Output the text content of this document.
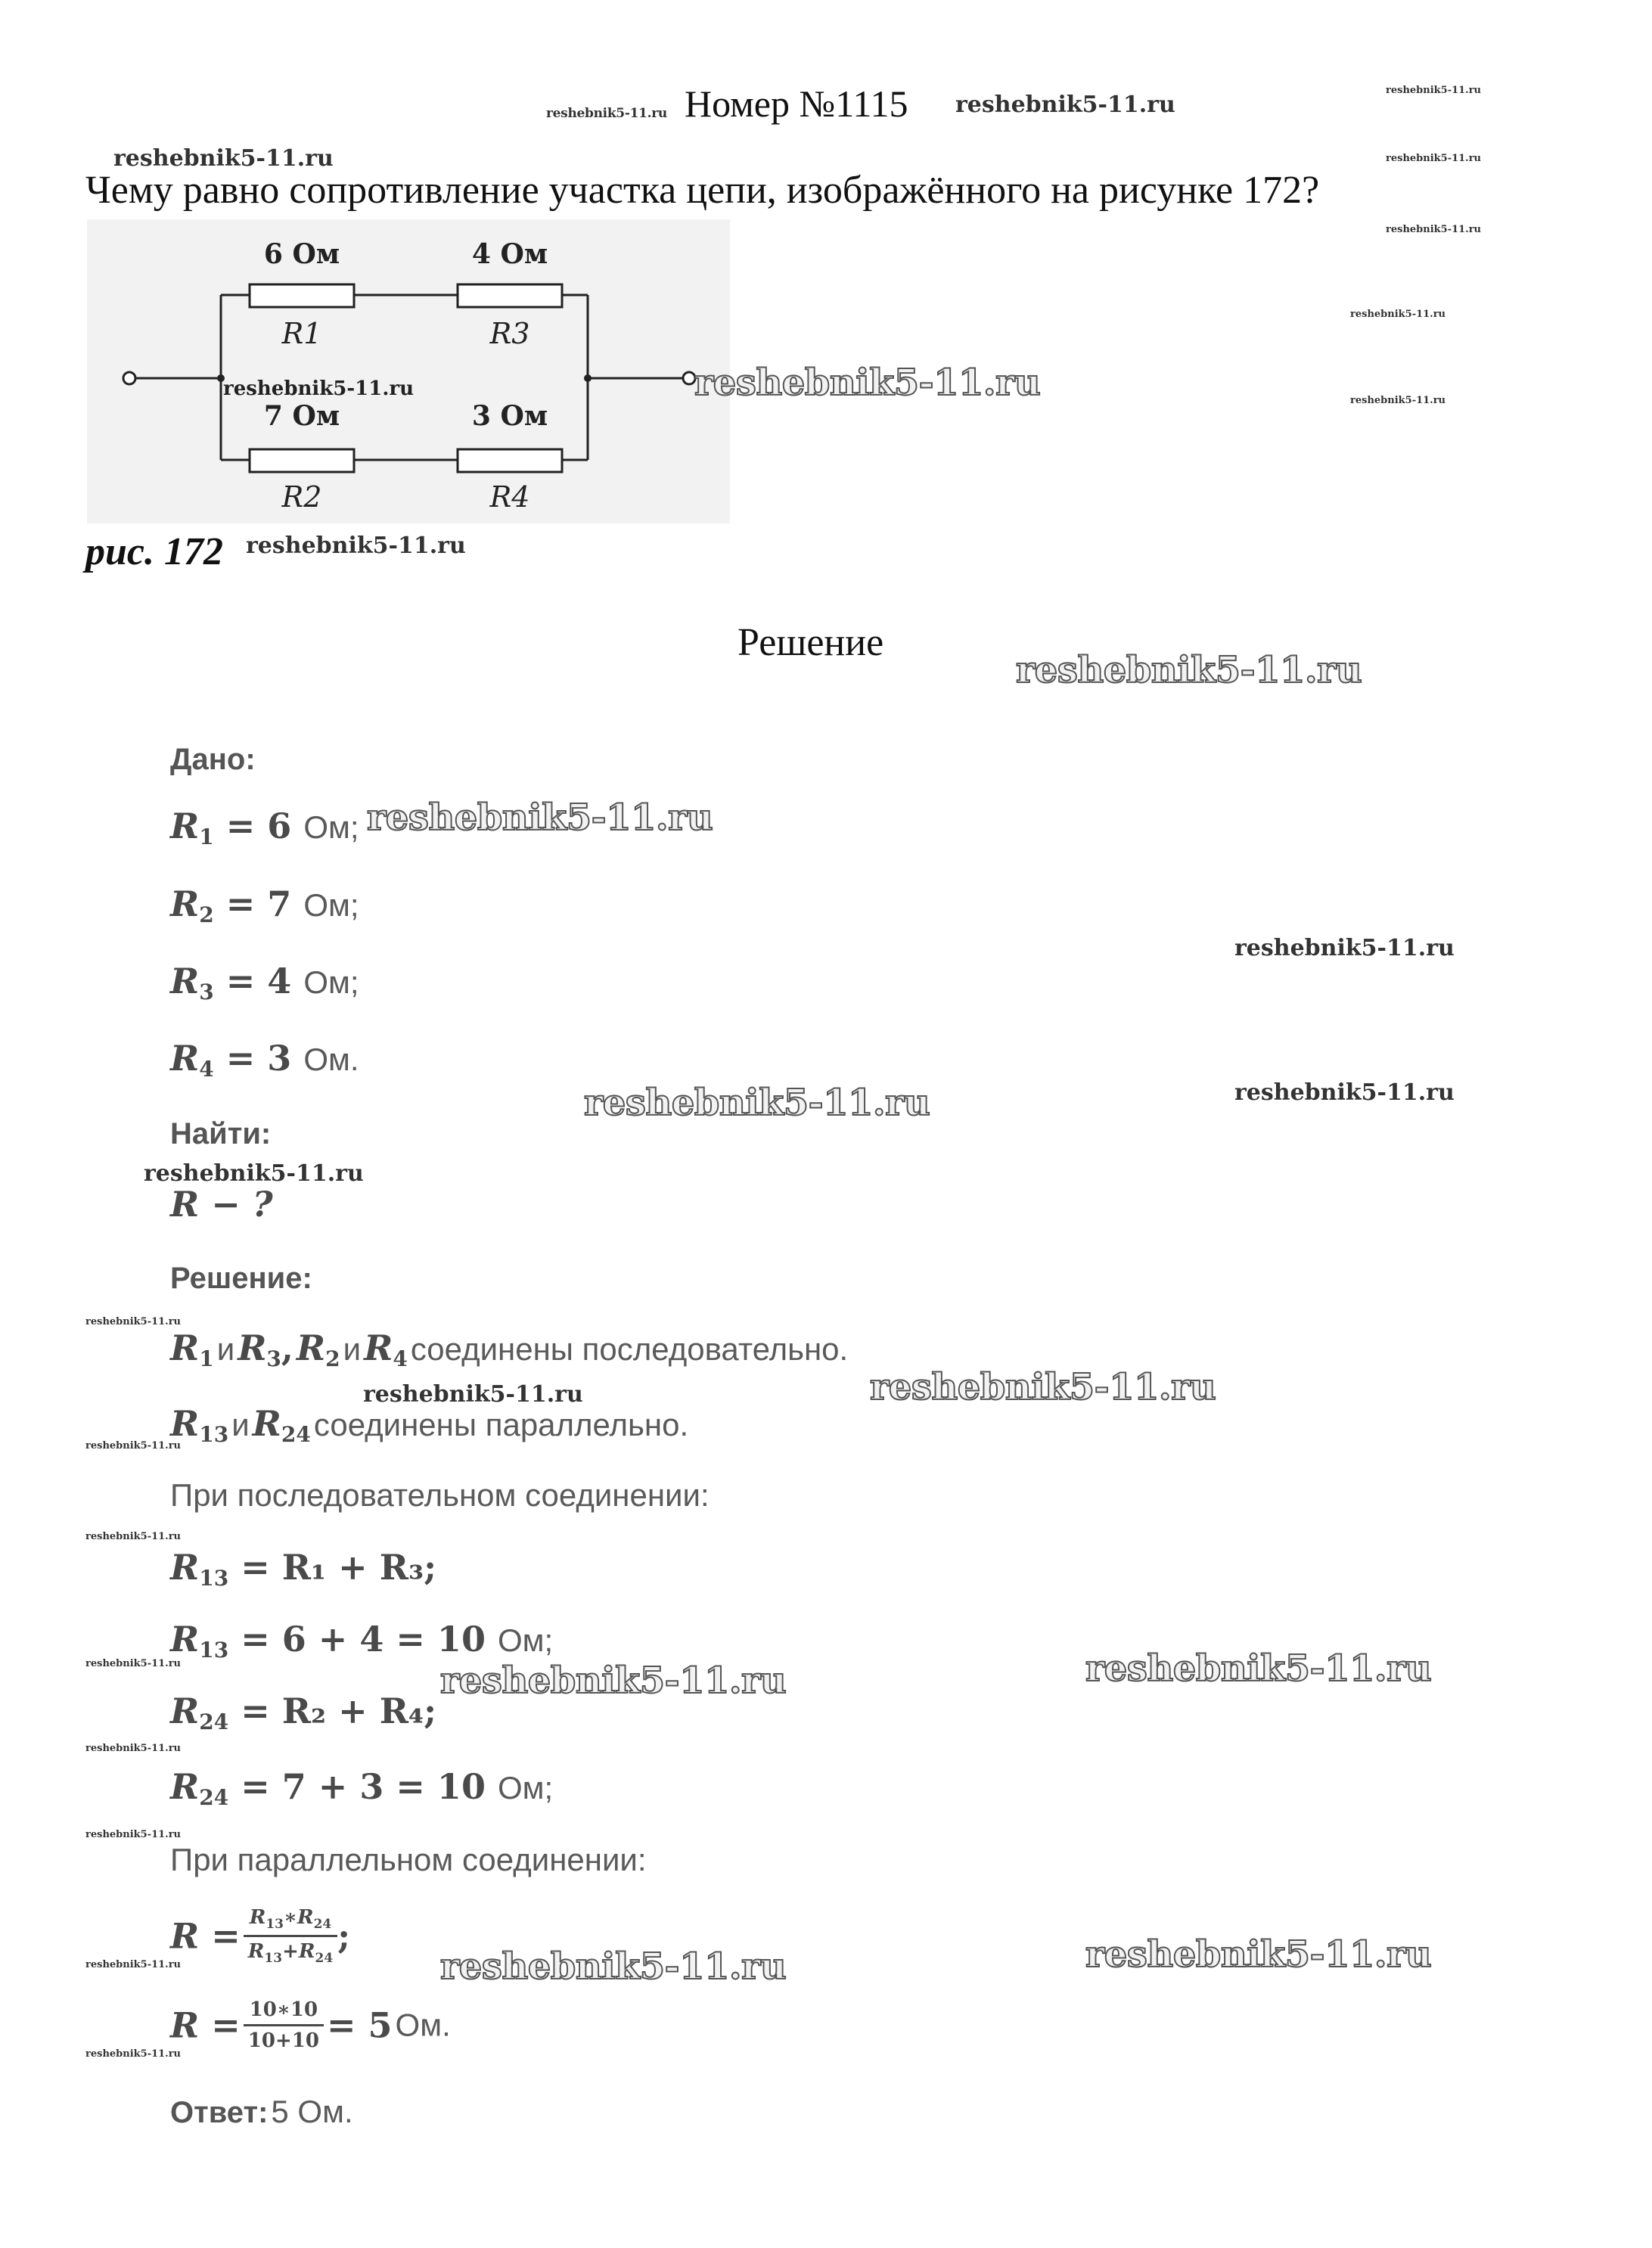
reshebnik5-11.ru Номер №1115 reshebnik5-11.ru
reshebnik5-11.ru
reshebnik5-11.ru	reshebnik5-11.ru
Чему равно сопротивление участка цепи, изображённого на рисунке 172?
reshebnik5-11.ru
6 Ом	4 Ом
R1	R3
7 Ом	3 Ом
R2	R4
reshebnik5-11.ru	reshebnik5-11.ru
reshebnik5-11.ru
reshebnik5-11.ru
рис. 172 reshebnik5-11.ru
Решение
reshebnik5-11.ru
Дано:
$R_1 = 6$ Ом; reshebnik5-11.ru
$R_2 = 7$ Ом;
reshebnik5-11.ru
$R_3 = 4$ Ом;
$R_4 = 3$ Ом.
reshebnik5-11.ru	reshebnik5-11.ru
Найти:
reshebnik5-11.ru
R − ?
Решение:
reshebnik5-11.ru
$R_1$ и $R_3$, $R_2$ и $R_4$ соединены последовательно.
reshebnik5-11.ru	reshebnik5-11.ru
$R_{13}$ и $R_{24}$ соединены параллельно.
reshebnik5-11.ru
При последовательном соединении:
reshebnik5-11.ru
$R_{13} = R_1 + R_3$;
$R_{13} = 6 + 4 = 10$ Ом;
reshebnik5-11.ru	reshebnik5-11.ru	reshebnik5-11.ru
$R_{24} = R_2 + R_4$;
reshebnik5-11.ru
$R_{24} = 7 + 3 = 10$ Ом;
reshebnik5-11.ru
При параллельном соединении:
$R = \frac{R_{13}∗R_{24}}{R_{13}+R_{24}}$ ;
reshebnik5-11.ru	reshebnik5-11.ru	reshebnik5-11.ru
$R = \frac{10∗10}{10+10} = 5$ Ом.
reshebnik5-11.ru
Ответ: 5 Ом.
